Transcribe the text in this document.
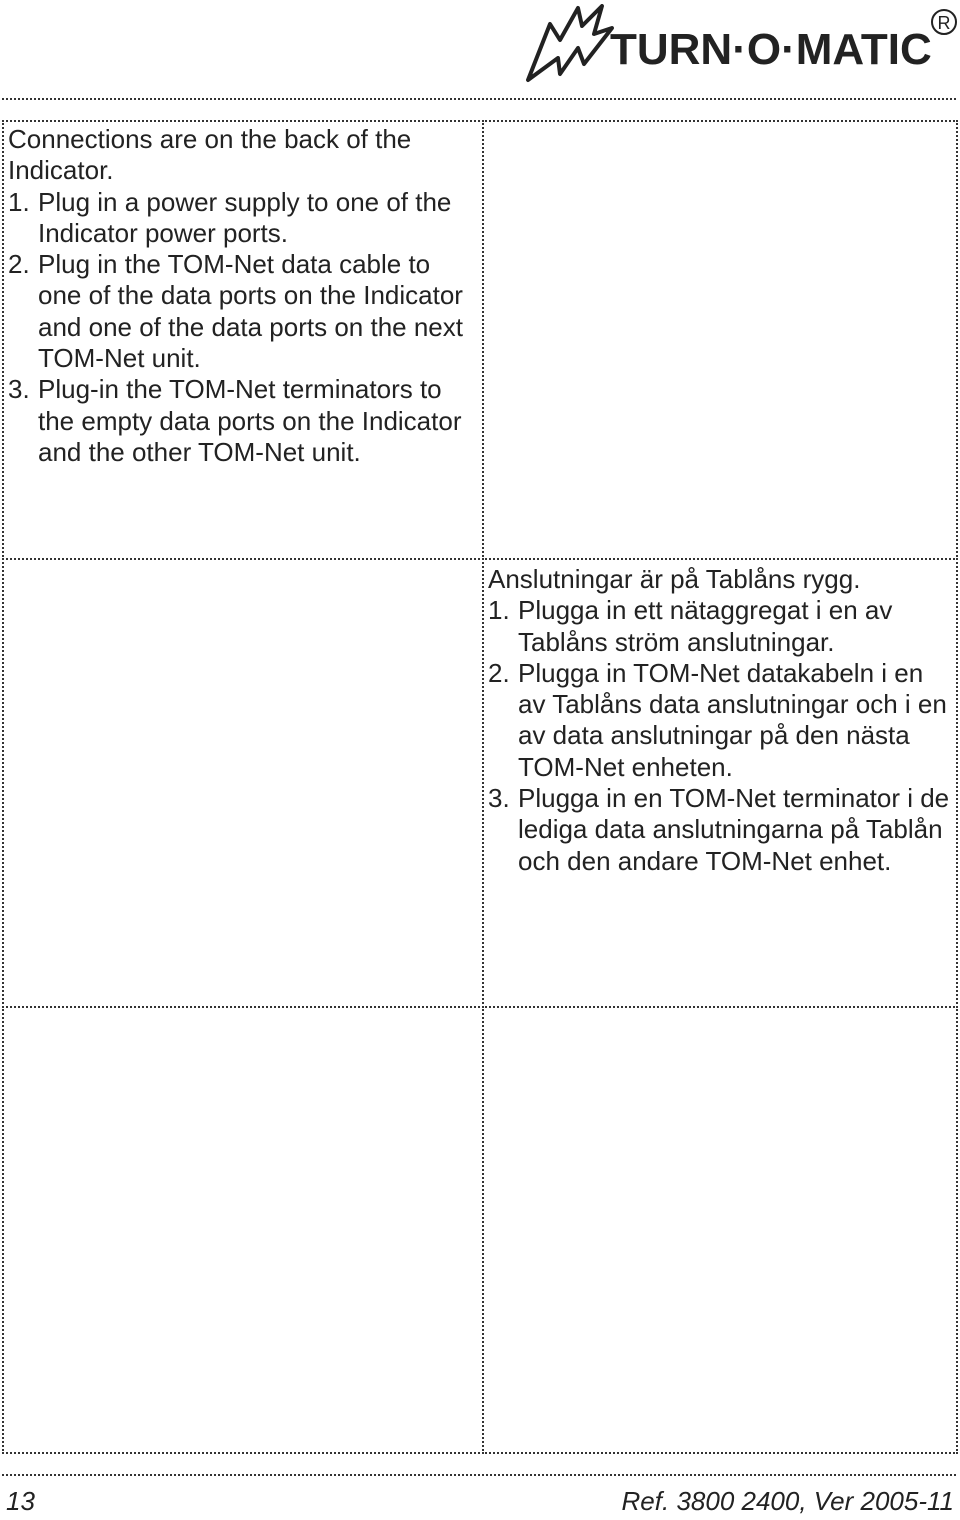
TURN·O·MATIC
R

Connections are on the back of the Indicator.

1. Plug in a power supply to one of the Indicator power ports.
2. Plug in the TOM-Net data cable to one of the data ports on the Indicator and one of the data ports on the next TOM-Net unit.
3. Plug-in the TOM-Net terminators to the empty data ports on the Indicator and the other TOM-Net unit.

Anslutningar är på Tablåns rygg.

1. Plugga in ett nätaggregat i en av Tablåns ström anslutningar.
2. Plugga in TOM-Net datakabeln i en av Tablåns data anslutningar och i en av data anslutningar på den nästa TOM-Net enheten.
3. Plugga in en TOM-Net terminator i de lediga data anslutningarna på Tablån och den andare TOM-Net enhet.
13	Ref. 3800 2400, Ver 2005-11
